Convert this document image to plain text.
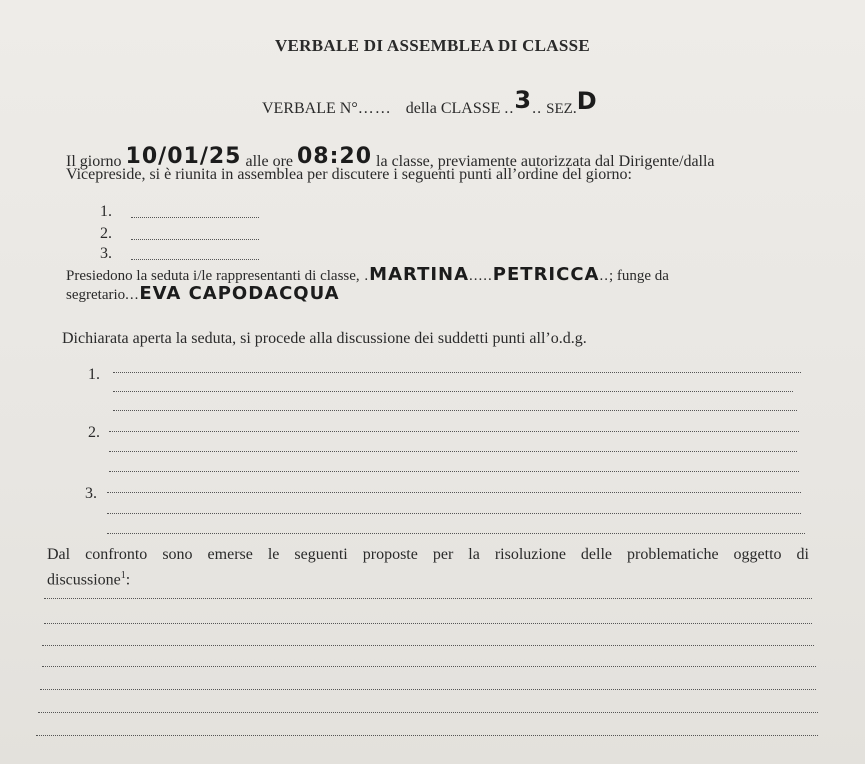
VERBALE DI ASSEMBLEA DI CLASSE
VERBALE N°…… della CLASSE ..3.. SEZ.D
Il giorno 10/01/25 alle ore 08:20 la classe, previamente autorizzata dal Dirigente/dalla
Vicepreside, si è riunita in assemblea per discutere i seguenti punti all’ordine del giorno:
1.
2.
3.
Presiedono la seduta i/le rappresentanti di classe, .MARTINA.....PETRICCA..; funge da
segretario...EVA CAPODACQUA
Dichiarata aperta la seduta, si procede alla discussione dei suddetti punti all’o.d.g.
1.
2.
3.
Dal confronto sono emerse le seguenti proposte per la risoluzione delle problematiche oggetto di
discussione$^1$:
